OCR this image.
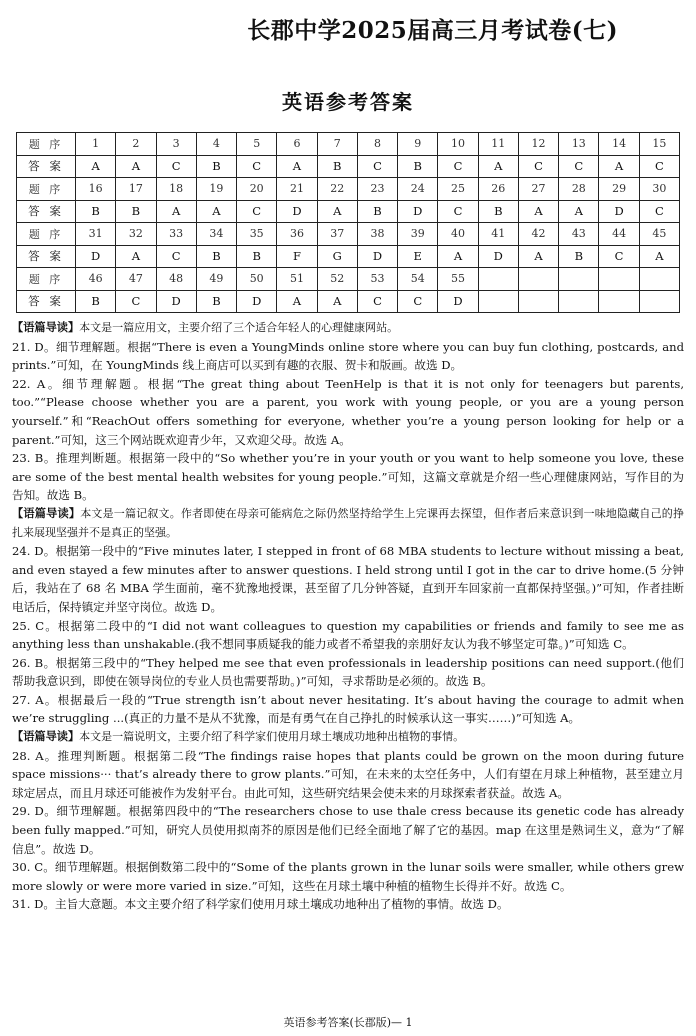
长郡中学2025届高三月考试卷(七)
英语参考答案
题 序	1	2	3	4	5	6	7	8	9	10	11	12	13	14	15
答 案	A	A	C	B	C	A	B	C	B	C	A	C	C	A	C
题 序	16	17	18	19	20	21	22	23	24	25	26	27	28	29	30
答 案	B	B	A	A	C	D	A	B	D	C	B	A	A	D	C
题 序	31	32	33	34	35	36	37	38	39	40	41	42	43	44	45
答 案	D	A	C	B	B	F	G	D	E	A	D	A	B	C	A
题 序	46	47	48	49	50	51	52	53	54	55					
答 案	B	C	D	B	D	A	A	C	C	D					

【语篇导读】本文是一篇应用文，主要介绍了三个适合年轻人的心理健康网站。

21. D。细节理解题。根据“There is even a YoungMinds online store where you can buy fun clothing, postcards, and prints.”可知，在 YoungMinds 线上商店可以买到有趣的衣服、贺卡和版画。故选 D。

22. A。细节理解题。根据“The great thing about TeenHelp is that it is not only for teenagers but parents, too.”“Please choose whether you are a parent, you work with young people, or you are a young person yourself.”和“ReachOut offers something for everyone, whether you’re a young person looking for help or a parent.”可知，这三个网站既欢迎青少年，又欢迎父母。故选 A。

23. B。推理判断题。根据第一段中的“So whether you’re in your youth or you want to help someone you love, these are some of the best mental health websites for young people.”可知，这篇文章就是介绍一些心理健康网站，写作目的为告知。故选 B。

【语篇导读】本文是一篇记叙文。作者即使在母亲可能病危之际仍然坚持给学生上完课再去探望，但作者后来意识到一味地隐藏自己的挣扎来展现坚强并不是真正的坚强。

24. D。根据第一段中的“Five minutes later, I stepped in front of 68 MBA students to lecture without missing a beat, and even stayed a few minutes after to answer questions. I held strong until I got in the car to drive home.(5 分钟后，我站在了 68 名 MBA 学生面前，毫不犹豫地授课，甚至留了几分钟答疑，直到开车回家前一直都保持坚强。)”可知，作者挂断电话后，保持镇定并坚守岗位。故选 D。

25. C。根据第二段中的“I did not want colleagues to question my capabilities or friends and family to see me as anything less than unshakable.(我不想同事质疑我的能力或者不希望我的亲朋好友认为我不够坚定可靠。)”可知选 C。

26. B。根据第三段中的“They helped me see that even professionals in leadership positions can need support.(他们帮助我意识到，即使在领导岗位的专业人员也需要帮助。)”可知，寻求帮助是必须的。故选 B。

27. A。根据最后一段的“True strength isn’t about never hesitating. It’s about having the courage to admit when we’re struggling ...(真正的力量不是从不犹豫，而是有勇气在自己挣扎的时候承认这一事实……)”可知选 A。

【语篇导读】本文是一篇说明文，主要介绍了科学家们使用月球土壤成功地种出植物的事情。

28. A。推理判断题。根据第二段“The findings raise hopes that plants could be grown on the moon during future space missions··· that’s already there to grow plants.”可知，在未来的太空任务中，人们有望在月球上种植物，甚至建立月球定居点，而且月球还可能被作为发射平台。由此可知，这些研究结果会使未来的月球探索者获益。故选 A。

29. D。细节理解题。根据第四段中的“The researchers chose to use thale cress because its genetic code has already been fully mapped.”可知，研究人员使用拟南芥的原因是他们已经全面地了解了它的基因。map 在这里是熟词生义，意为“了解信息”。故选 D。

30. C。细节理解题。根据倒数第二段中的“Some of the plants grown in the lunar soils were smaller, while others grew more slowly or were more varied in size.”可知，这些在月球土壤中种植的植物生长得并不好。故选 C。

31. D。主旨大意题。本文主要介绍了科学家们使用月球土壤成功地种出了植物的事情。故选 D。

英语参考答案(长郡版)— 1
